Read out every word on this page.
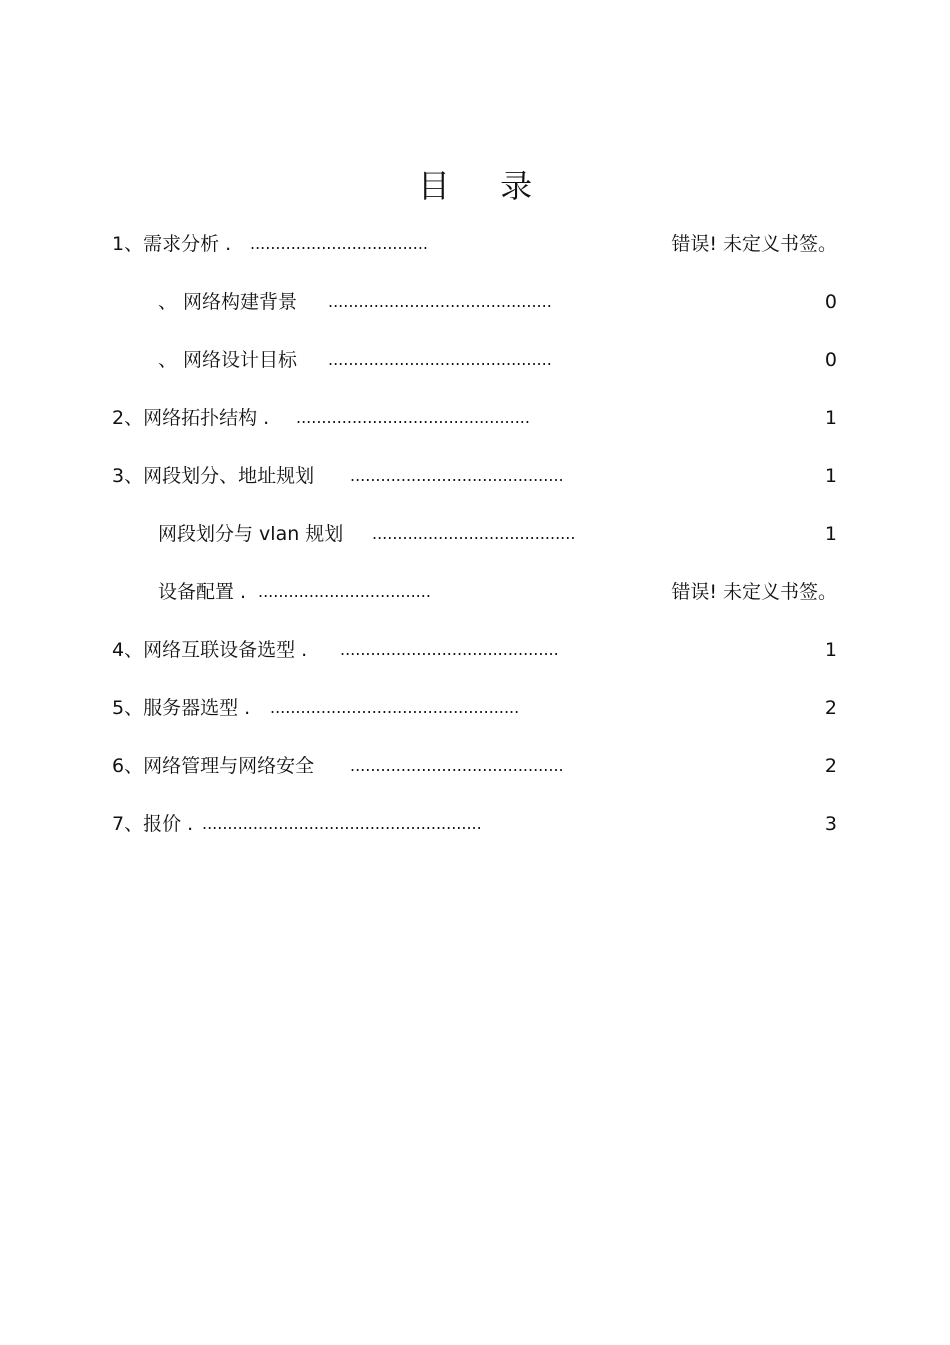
目 录
1、需求分析 . ...................................	错误! 未定义书签。
、 网络构建背景 ............................................	0
、 网络设计目标 ............................................	0
2、网络拓扑结构 . ..............................................	1
3、网段划分、地址规划 ..........................................	1
网段划分与 vlan 规划 ........................................	1
设备配置 . ..................................	错误! 未定义书签。
4、网络互联设备选型 . ...........................................	1
5、服务器选型 . .................................................	2
6、网络管理与网络安全 ..........................................	2
7、报价 . .......................................................	3
